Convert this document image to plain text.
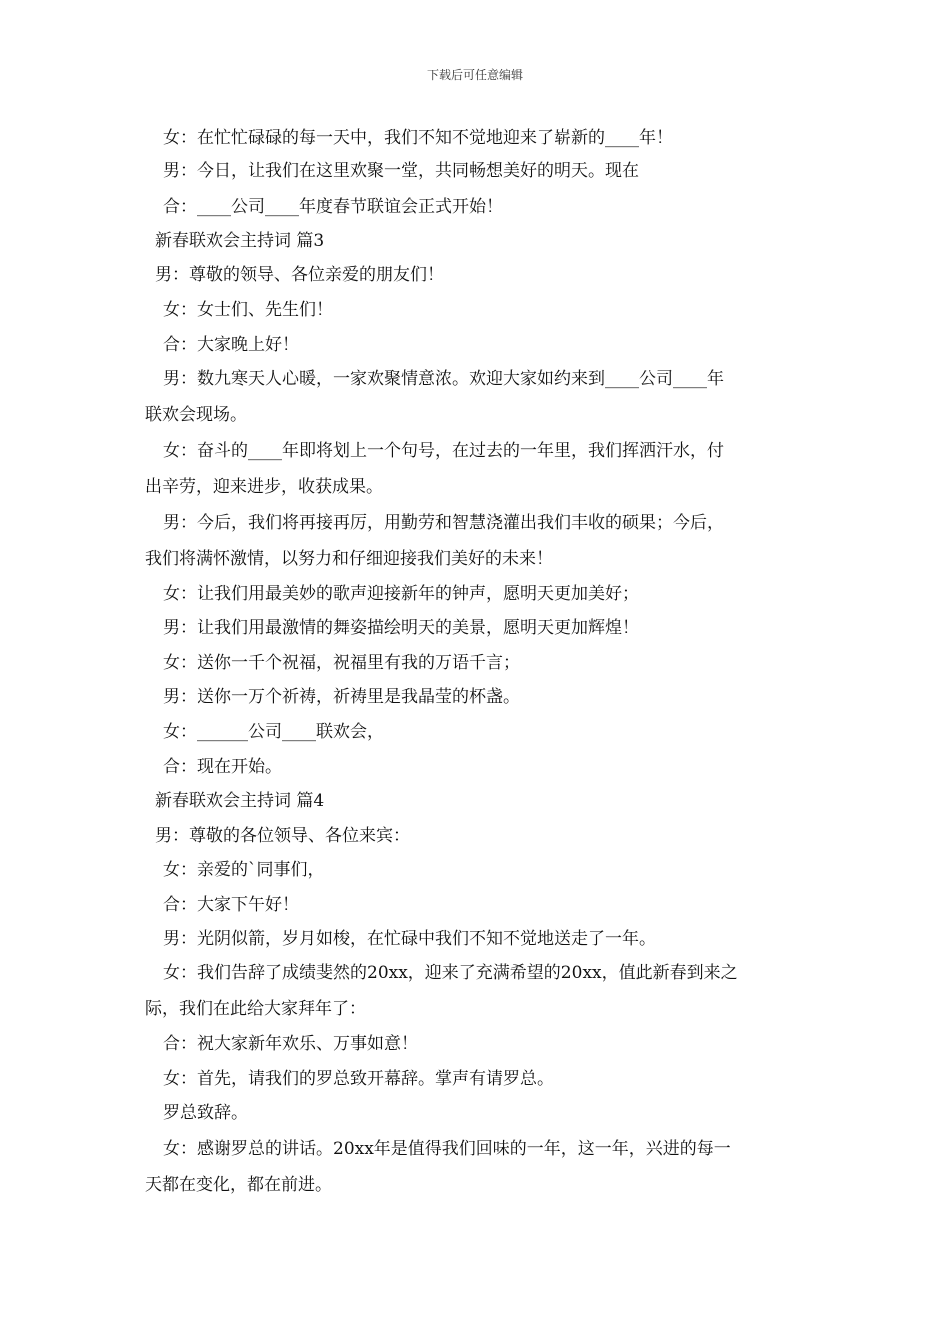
下载后可任意编辑
女：在忙忙碌碌的每一天中，我们不知不觉地迎来了崭新的____年！
男：今日，让我们在这里欢聚一堂，共同畅想美好的明天。现在
合：____公司____年度春节联谊会正式开始！
新春联欢会主持词 篇3
男：尊敬的领导、各位亲爱的朋友们！
女：女士们、先生们！
合：大家晚上好！
男：数九寒天人心暖，一家欢聚情意浓。欢迎大家如约来到____公司____年
联欢会现场。
女：奋斗的____年即将划上一个句号，在过去的一年里，我们挥洒汗水，付
出辛劳，迎来进步，收获成果。
男：今后，我们将再接再厉，用勤劳和智慧浇灌出我们丰收的硕果；今后，
我们将满怀激情，以努力和仔细迎接我们美好的未来！
女：让我们用最美妙的歌声迎接新年的钟声，愿明天更加美好；
男：让我们用最激情的舞姿描绘明天的美景，愿明天更加辉煌！
女：送你一千个祝福，祝福里有我的万语千言；
男：送你一万个祈祷，祈祷里是我晶莹的杯盏。
女：______公司____联欢会，
合：现在开始。
新春联欢会主持词 篇4
男：尊敬的各位领导、各位来宾：
女：亲爱的`同事们，
合：大家下午好！
男：光阴似箭，岁月如梭，在忙碌中我们不知不觉地送走了一年。
女：我们告辞了成绩斐然的20xx，迎来了充满希望的20xx，值此新春到来之
际，我们在此给大家拜年了：
合：祝大家新年欢乐、万事如意！
女：首先，请我们的罗总致开幕辞。掌声有请罗总。
罗总致辞。
女：感谢罗总的讲话。20xx年是值得我们回味的一年，这一年，兴进的每一
天都在变化，都在前进。
